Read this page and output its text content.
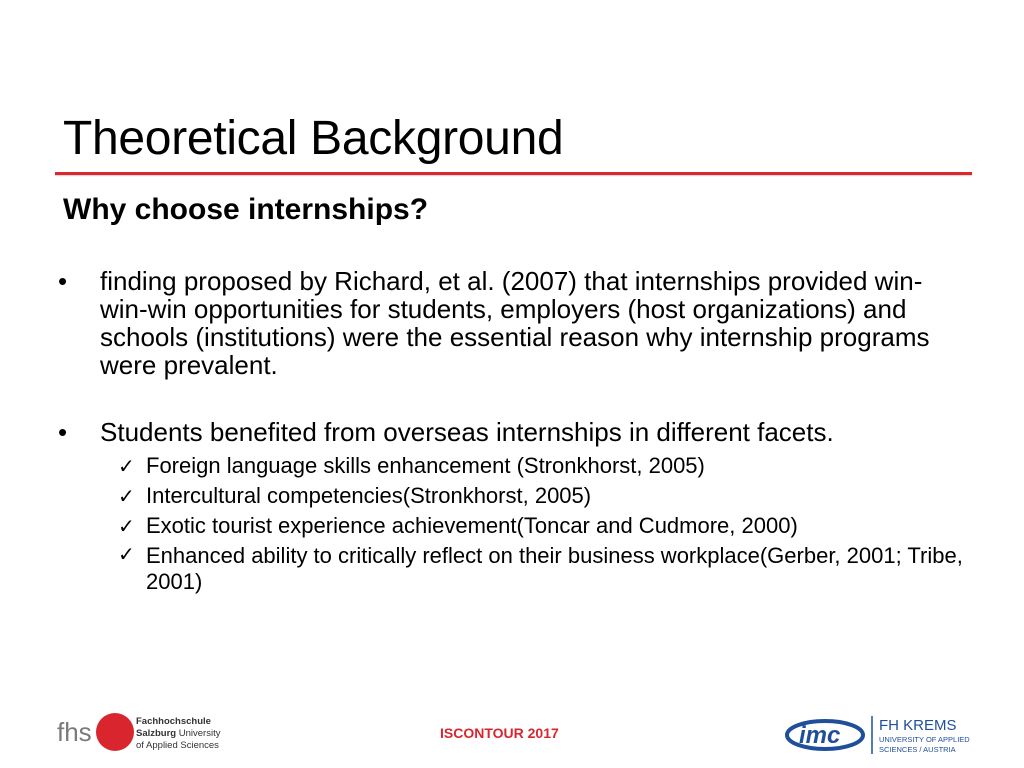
Theoretical Background
Why choose internships?
• finding proposed by Richard, et al. (2007) that internships provided win-win-win opportunities for students, employers (host organizations) and schools (institutions) were the essential reason why internship programs were prevalent.
• Students benefited from overseas internships in different facets.
✓ Foreign language skills enhancement (Stronkhorst, 2005)
✓ Intercultural competencies(Stronkhorst, 2005)
✓ Exotic tourist experience achievement(Toncar and Cudmore, 2000)
✓ Enhanced ability to critically reflect on their business workplace(Gerber, 2001; Tribe, 2001)
fhs	Fachhochschule
Salzburg University
of Applied Sciences
ISCONTOUR 2017	imc	FH KREMS
UNIVERSITY OF APPLIED
SCIENCES / AUSTRIA
